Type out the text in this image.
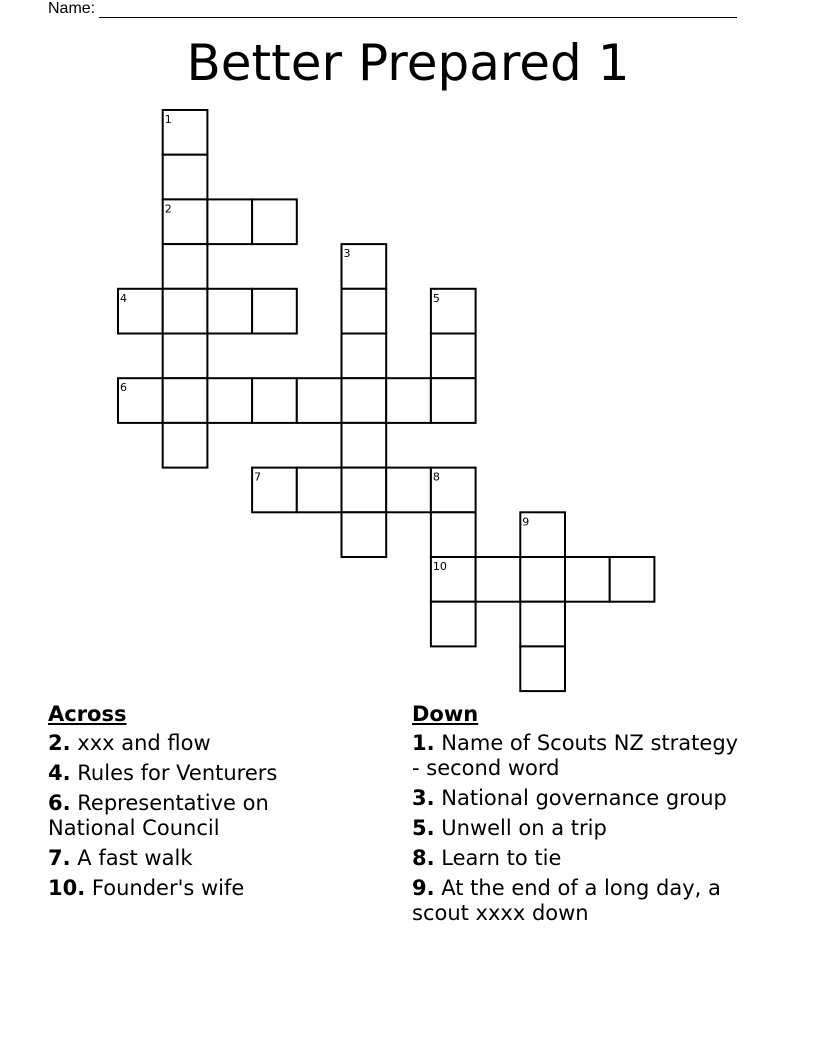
Name:
Better Prepared 1
1
2
3
4	5
6
7	8
9
10
Across
2. xxx and flow
4. Rules for Venturers
6. Representative on National Council
7. A fast walk
10. Founder's wife
Down
1. Name of Scouts NZ strategy - second word
3. National governance group
5. Unwell on a trip
8. Learn to tie
9. At the end of a long day, a scout xxxx down
